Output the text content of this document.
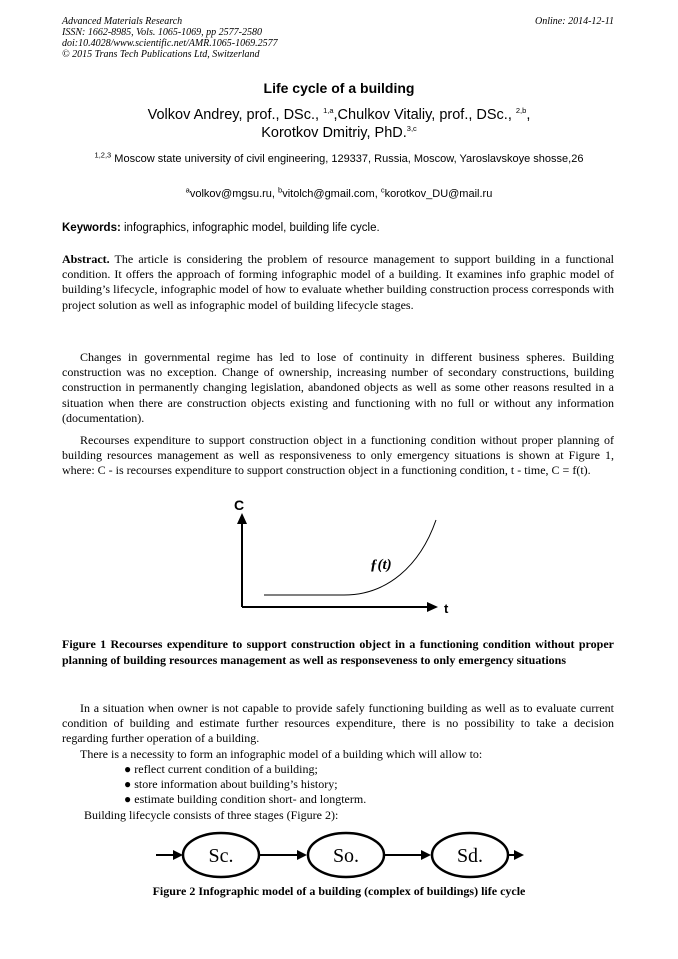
Advanced Materials Research
ISSN: 1662-8985, Vols. 1065-1069, pp 2577-2580
doi:10.4028/www.scientific.net/AMR.1065-1069.2577
© 2015 Trans Tech Publications Ltd, Switzerland
Online: 2014-12-11
Life cycle of a building
Volkov Andrey, prof., DSc., $^{1,a}$,Chulkov Vitaliy, prof., DSc., $^{2,b}$,
Korotkov Dmitriy, PhD.$^{3,c}$
$^{1,2,3}$ Moscow state university of civil engineering, 129337, Russia, Moscow, Yaroslavskoye shosse,26
$^a$volkov@mgsu.ru, $^b$vitolch@gmail.com, $^c$korotkov_DU@mail.ru
Keywords: infographics, infographic model, building life cycle.

Abstract. The article is considering the problem of resource management to support building in a functional condition. It offers the approach of forming infographic model of a building. It examines info graphic model of building’s lifecycle, infographic model of how to evaluate whether building construction process corresponds with project solution as well as infographic model of building lifecycle stages.

Changes in governmental regime has led to lose of continuity in different business spheres. Building construction was no exception. Change of ownership, increasing number of secondary constructions, building construction in permanently changing legislation, abandoned objects as well as some other reasons resulted in a situation when there are construction objects existing and functioning with no full or without any information (documentation).

Recourses expenditure to support construction object in a functioning condition without proper planning of building resources management as well as responsiveness to only emergency situations is shown at Figure 1, where: C - is recourses expenditure to support construction object in a functioning condition, t - time, C = f(t).

C
t
ƒ(t)
Figure 1 Recourses expenditure to support construction object in a functioning condition without proper planning of building resources management as well as responseveness to only emergency situations

In a situation when owner is not capable to provide safely functioning building as well as to evaluate current condition of building and estimate further resources expenditure, there is no possibility to take a decision regarding further operation of a building.

There is a necessity to form an infographic model of a building which will allow to:

● reflect current condition of a building;
● store information about building’s history;
● estimate building condition short- and longterm.

Building lifecycle consists of three stages (Figure 2):

Sc.	So.	Sd.
Figure 2 Infographic model of a building (complex of buildings) life cycle
